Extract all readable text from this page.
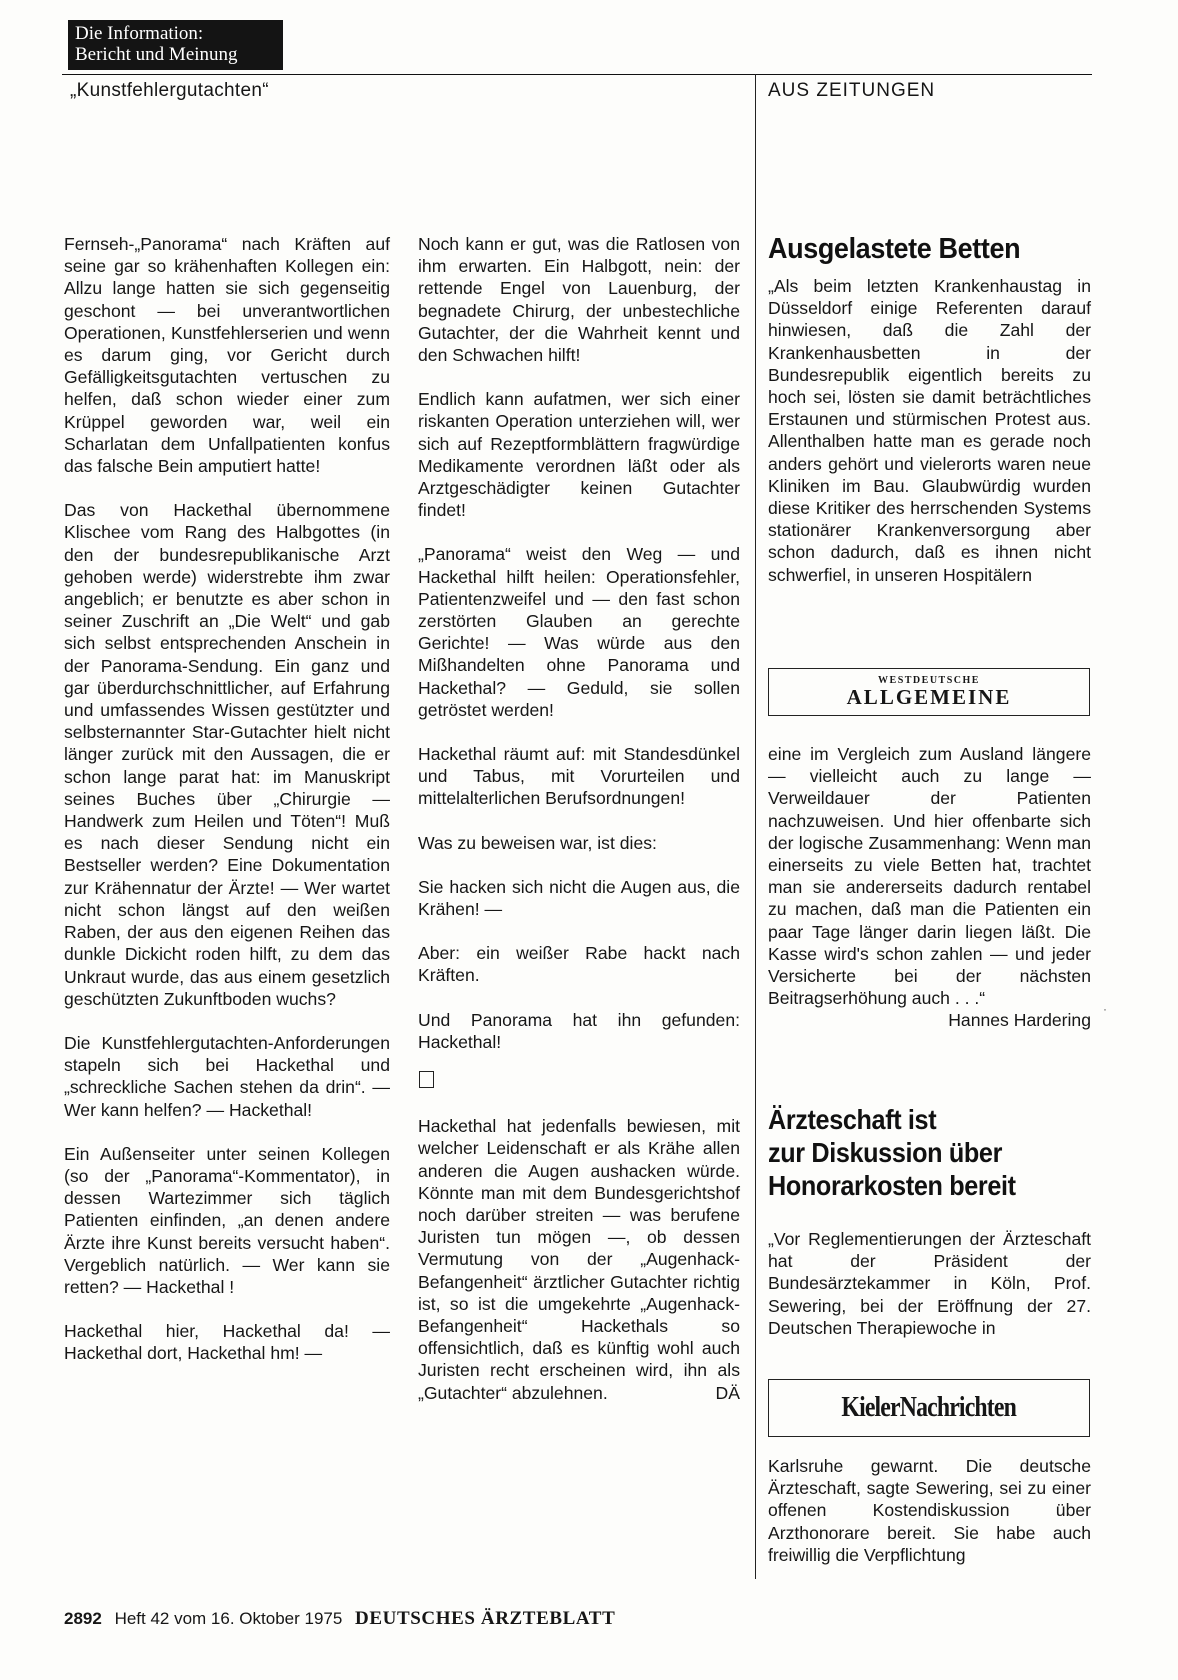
Die Information:
Bericht und Meinung
„Kunstfehlergutachten“	AUS ZEITUNGEN

Fernseh-„Panorama“ nach Kräften auf seine gar so krähenhaften Kollegen ein: Allzu lange hatten sie sich gegenseitig geschont — bei unverantwortlichen Operationen, Kunstfehlerserien und wenn es darum ging, vor Gericht durch Gefälligkeitsgutachten vertuschen zu helfen, daß schon wieder einer zum Krüppel geworden war, weil ein Scharlatan dem Unfallpatienten konfus das falsche Bein amputiert hatte!

Das von Hackethal übernommene Klischee vom Rang des Halbgottes (in den der bundesrepublikanische Arzt gehoben werde) widerstrebte ihm zwar angeblich; er benutzte es aber schon in seiner Zuschrift an „Die Welt“ und gab sich selbst entsprechenden Anschein in der Panorama-Sendung. Ein ganz und gar überdurchschnittlicher, auf Erfahrung und umfassendes Wissen gestützter und selbsternannter Star-Gutachter hielt nicht länger zurück mit den Aussagen, die er schon lange parat hat: im Manuskript seines Buches über „Chirurgie — Handwerk zum Heilen und Töten“! Muß es nach dieser Sendung nicht ein Bestseller werden? Eine Dokumentation zur Krähennatur der Ärzte! — Wer wartet nicht schon längst auf den weißen Raben, der aus den eigenen Reihen das dunkle Dickicht roden hilft, zu dem das Unkraut wurde, das aus einem gesetzlich geschützten Zukunftboden wuchs?

Die Kunstfehlergutachten-Anforderungen stapeln sich bei Hackethal und „schreckliche Sachen stehen da drin“. — Wer kann helfen? — Hackethal!

Ein Außenseiter unter seinen Kollegen (so der „Panorama“-Kommentator), in dessen Wartezimmer sich täglich Patienten einfinden, „an denen andere Ärzte ihre Kunst bereits versucht haben“. Vergeblich natürlich. — Wer kann sie retten? — Hackethal !

Hackethal hier, Hackethal da! — Hackethal dort, Hackethal hm! —

Noch kann er gut, was die Ratlosen von ihm erwarten. Ein Halbgott, nein: der rettende Engel von Lauenburg, der begnadete Chirurg, der unbestechliche Gutachter, der die Wahrheit kennt und den Schwachen hilft!

Endlich kann aufatmen, wer sich einer riskanten Operation unterziehen will, wer sich auf Rezeptformblättern fragwürdige Medikamente verordnen läßt oder als Arztgeschädigter keinen Gutachter findet!

„Panorama“ weist den Weg — und Hackethal hilft heilen: Operationsfehler, Patientenzweifel und — den fast schon zerstörten Glauben an gerechte Gerichte! — Was würde aus den Mißhandelten ohne Panorama und Hackethal? — Geduld, sie sollen getröstet werden!

Hackethal räumt auf: mit Standesdünkel und Tabus, mit Vorurteilen und mittelalterlichen Berufsordnungen!

Was zu beweisen war, ist dies:

Sie hacken sich nicht die Augen aus, die Krähen! —

Aber: ein weißer Rabe hackt nach Kräften.

Und Panorama hat ihn gefunden: Hackethal!

Hackethal hat jedenfalls bewiesen, mit welcher Leidenschaft er als Krähe allen anderen die Augen aushacken würde. Könnte man mit dem Bundesgerichtshof noch darüber streiten — was berufene Juristen tun mögen —, ob dessen Vermutung von der „Augenhack-Befangenheit“ ärztlicher Gutachter richtig ist, so ist die umgekehrte „Augenhack-Befangenheit“ Hackethals so offensichtlich, daß es künftig wohl auch Juristen recht erscheinen wird, ihn als „Gutachter“ abzulehnen.	DÄ

Ausgelastete Betten

„Als beim letzten Krankenhaustag in Düsseldorf einige Referenten darauf hinwiesen, daß die Zahl der Krankenhausbetten in der Bundesrepublik eigentlich bereits zu hoch sei, lösten sie damit beträchtliches Erstaunen und stürmischen Protest aus. Allenthalben hatte man es gerade noch anders gehört und vielerorts waren neue Kliniken im Bau. Glaubwürdig wurden diese Kritiker des herrschenden Systems stationärer Krankenversorgung aber schon dadurch, daß es ihnen nicht schwerfiel, in unseren Hospitälern

WESTDEUTSCHE
ALLGEMEINE

eine im Vergleich zum Ausland längere — vielleicht auch zu lange — Verweildauer der Patienten nachzuweisen. Und hier offenbarte sich der logische Zusammenhang: Wenn man einerseits zu viele Betten hat, trachtet man sie andererseits dadurch rentabel zu machen, daß man die Patienten ein paar Tage länger darin liegen läßt. Die Kasse wird's schon zahlen — und jeder Versicherte bei der nächsten Beitragserhöhung auch . . .“

Hannes Hardering

Ärzteschaft ist
zur Diskussion über
Honorarkosten bereit

„Vor Reglementierungen der Ärzteschaft hat der Präsident der Bundesärztekammer in Köln, Prof. Sewering, bei der Eröffnung der 27. Deutschen Therapiewoche in

KielerNachrichten

Karlsruhe gewarnt. Die deutsche Ärzteschaft, sagte Sewering, sei zu einer offenen Kostendiskussion über Arzthonorare bereit. Sie habe auch freiwillig die Verpflichtung

·
2892 Heft 42 vom 16. Oktober 1975 DEUTSCHES ÄRZTEBLATT
